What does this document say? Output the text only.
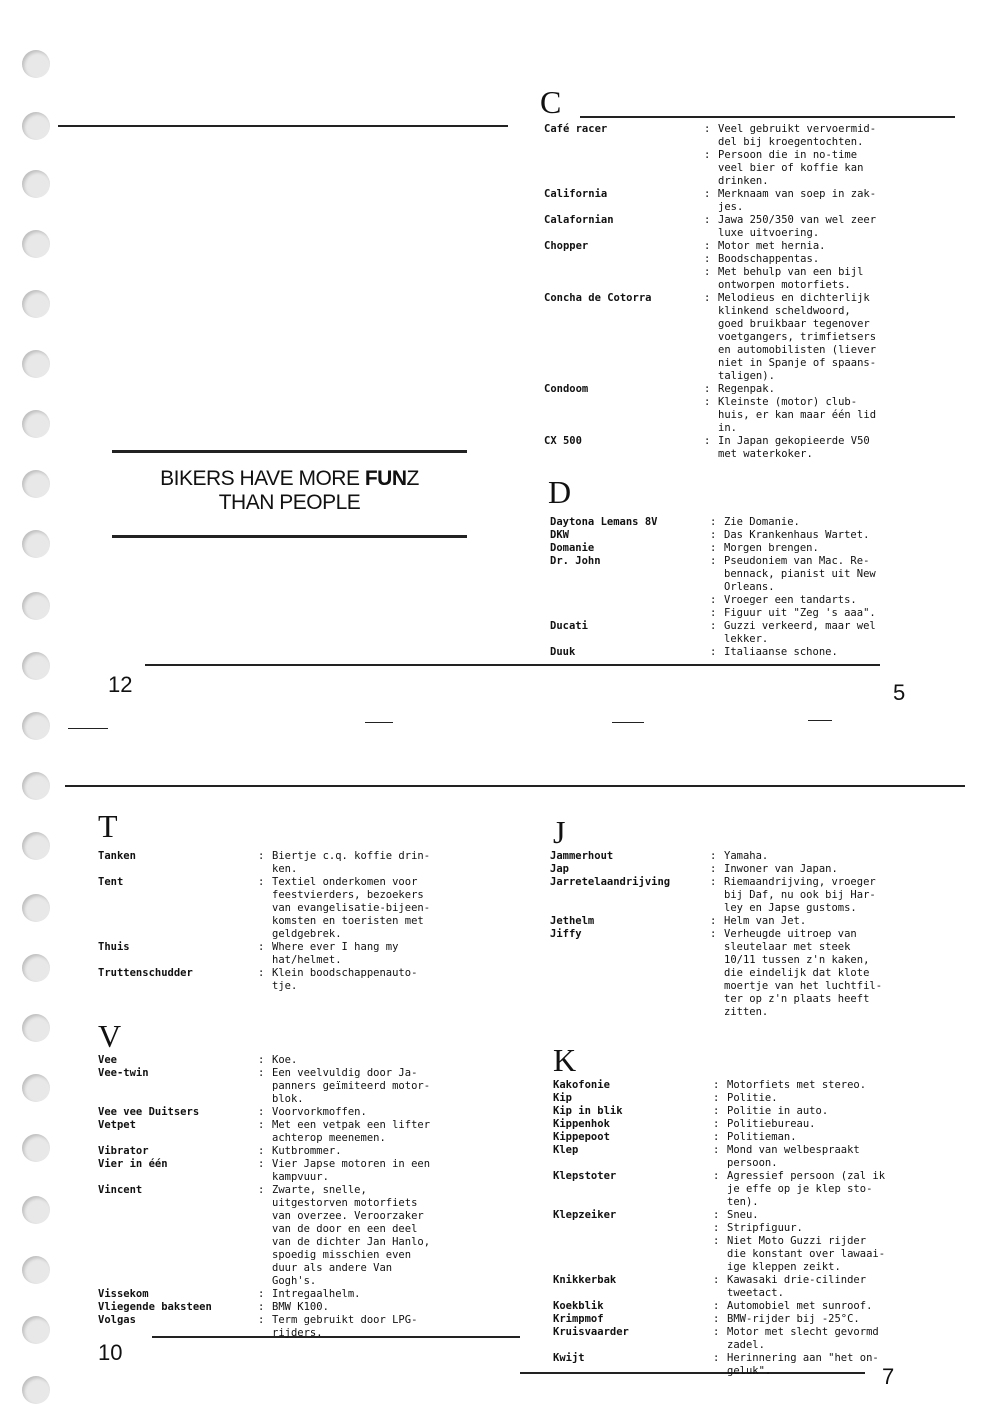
12	5
10
7
BIKERS HAVE MORE FUNZ
THAN PEOPLE
C
D
T
V
J
K
Café racer	: Veel gebruikt vervoermid-
del bij kroegentochten.
: Persoon die in no-time
veel bier of koffie kan
drinken.
California	: Merknaam van soep in zak-
jes.
Calafornian	: Jawa 250/350 van wel zeer
luxe uitvoering.
Chopper	: Motor met hernia.
: Boodschappentas.
: Met behulp van een bijl
ontworpen motorfiets.
Concha de Cotorra	: Melodieus en dichterlijk
klinkend scheldwoord,
goed bruikbaar tegenover
voetgangers, trimfietsers
en automobilisten (liever
niet in Spanje of spaans-
taligen).
Condoom	: Regenpak.
: Kleinste (motor) club-
huis, er kan maar één lid
in.
CX 500	: In Japan gekopieerde V50
met waterkoker.
Daytona Lemans 8V	: Zie Domanie.
DKW	: Das Krankenhaus Wartet.
Domanie	: Morgen brengen.
Dr. John	: Pseudoniem van Mac. Re-
bennack, pianist uit New
Orleans.
: Vroeger een tandarts.
: Figuur uit "Zeg 's aaa".
Ducati	: Guzzi verkeerd, maar wel
lekker.
Duuk	: Italiaanse schone.
Tanken	: Biertje c.q. koffie drin-
ken.
Tent	: Textiel onderkomen voor
feestvierders, bezoekers
van evangelisatie-bijeen-
komsten en toeristen met
geldgebrek.
Thuis	: Where ever I hang my
hat/helmet.
Truttenschudder	: Klein boodschappenauto-
tje.
Vee	: Koe.
Vee-twin	: Een veelvuldig door Ja-
panners geïmiteerd motor-
blok.
Vee vee Duitsers	: Voorvorkmoffen.
Vetpet	: Met een vetpak een lifter
achterop meenemen.
Vibrator	: Kutbrommer.
Vier in één	: Vier Japse motoren in een
kampvuur.
Vincent	: Zwarte, snelle,
uitgestorven motorfiets
van overzee. Veroorzaker
van de door en een deel
van de dichter Jan Hanlo,
spoedig misschien even
duur als andere Van
Gogh's.
Vissekom	: Intregaalhelm.
Vliegende baksteen	: BMW K100.
Volgas	: Term gebruikt door LPG-
rijders.
Jammerhout	: Yamaha.
Jap	: Inwoner van Japan.
Jarretelaandrijving	: Riemaandrijving, vroeger
bij Daf, nu ook bij Har-
ley en Japse gustoms.
Jethelm	: Helm van Jet.
Jiffy	: Verheugde uitroep van
sleutelaar met steek
10/11 tussen z'n kaken,
die eindelijk dat klote
moertje van het luchtfil-
ter op z'n plaats heeft
zitten.
Kakofonie	: Motorfiets met stereo.
Kip	: Politie.
Kip in blik	: Politie in auto.
Kippenhok	: Politiebureau.
Kippepoot	: Politieman.
Klep	: Mond van welbespraakt
persoon.
Klepstoter	: Agressief persoon (zal ik
je effe op je klep sto-
ten).
Klepzeiker	: Sneu.
: Stripfiguur.
: Niet Moto Guzzi rijder
die konstant over lawaai-
ige kleppen zeikt.
Knikkerbak	: Kawasaki drie-cilinder
tweetact.
Koekblik	: Automobiel met sunroof.
Krimpmof	: BMW-rijder bij -25°C.
Kruisvaarder	: Motor met slecht gevormd
zadel.
Kwijt	: Herinnering aan "het on-
geluk".
